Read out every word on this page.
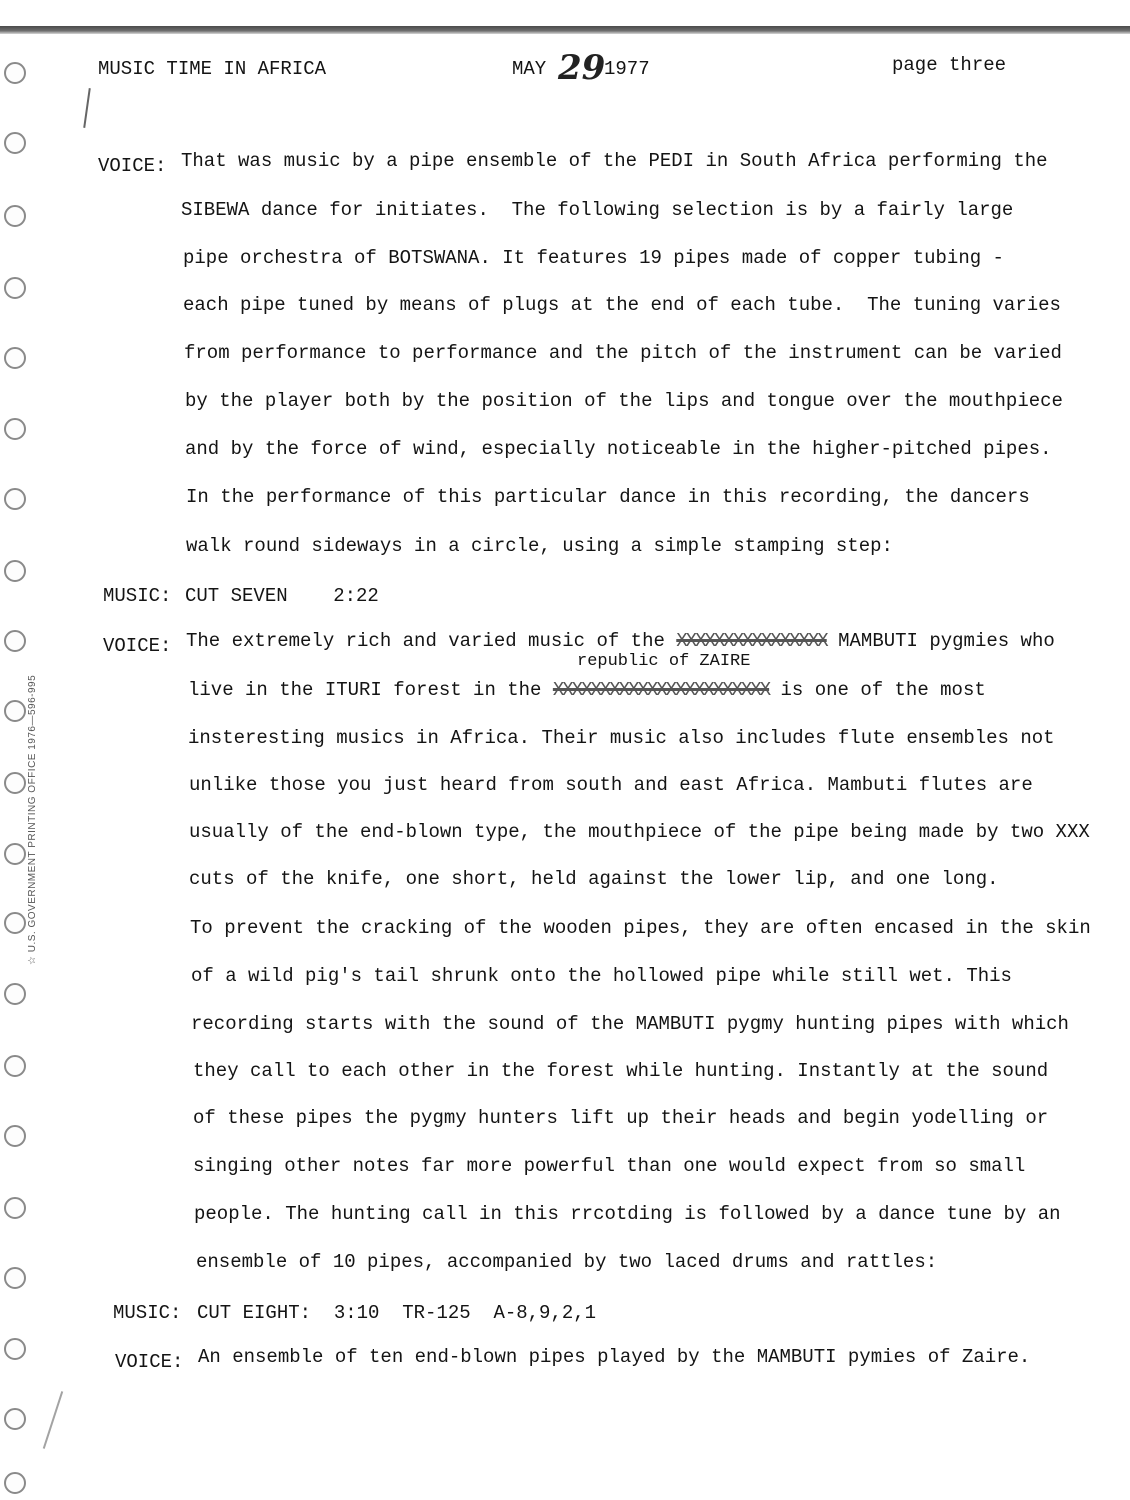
☆ U.S. GOVERNMENT PRINTING OFFICE 1976—596-995
MUSIC TIME IN AFRICA	MAY 29
1977	page three
VOICE: That was music by a pipe ensemble of the PEDI in South Africa performing the
SIBEWA dance for initiates.  The following selection is by a fairly large
pipe orchestra of BOTSWANA. It features 19 pipes made of copper tubing -
each pipe tuned by means of plugs at the end of each tube.  The tuning varies
from performance to performance and the pitch of the instrument can be varied
by the player both by the position of the lips and tongue over the mouthpiece
and by the force of wind, especially noticeable in the higher-pitched pipes.
In the performance of this particular dance in this recording, the dancers
walk round sideways in a circle, using a simple stamping step:
MUSIC: CUT SEVEN    2:22
VOICE: The extremely rich and varied music of the XXXXXXXXXXXXXXXX MAMBUTI pygmies who
republic of ZAIRE
live in the ITURI forest in the XXXXXXXXXXXXXXXXXXXXXXX is one of the most
insteresting musics in Africa. Their music also includes flute ensembles not
unlike those you just heard from south and east Africa. Mambuti flutes are
usually of the end-blown type, the mouthpiece of the pipe being made by two XXX
cuts of the knife, one short, held against the lower lip, and one long.
To prevent the cracking of the wooden pipes, they are often encased in the skin
of a wild pig's tail shrunk onto the hollowed pipe while still wet. This
recording starts with the sound of the MAMBUTI pygmy hunting pipes with which
they call to each other in the forest while hunting. Instantly at the sound
of these pipes the pygmy hunters lift up their heads and begin yodelling or
singing other notes far more powerful than one would expect from so small
people. The hunting call in this rrcotding is followed by a dance tune by an
ensemble of 10 pipes, accompanied by two laced drums and rattles:
MUSIC: CUT EIGHT:  3:10  TR-125  A-8,9,2,1
VOICE: An ensemble of ten end-blown pipes played by the MAMBUTI pymies of Zaire.
